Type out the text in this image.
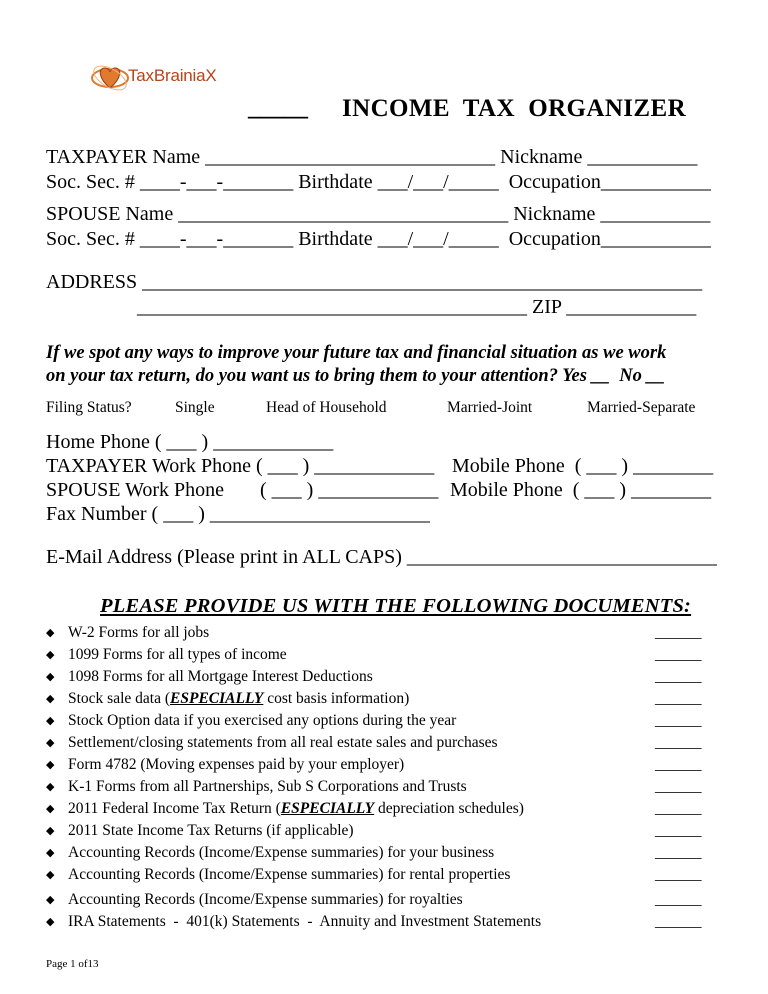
TaxBrainiaX
_____ INCOME  TAX  ORGANIZER
TAXPAYER Name _____________________________ Nickname ___________
Soc. Sec. # ____-___-_______ Birthdate ___/___/_____  Occupation___________
SPOUSE Name _________________________________ Nickname ___________
Soc. Sec. # ____-___-_______ Birthdate ___/___/_____  Occupation___________
ADDRESS ________________________________________________________
_______________________________________ ZIP _____________
If we spot any ways to improve your future tax and financial situation as we work
on your tax return, do you want us to bring them to your attention? Yes __  No __
Filing Status?	Single	Head of Household	Married-Joint	Married-Separate
Home Phone ( ___ ) ____________
TAXPAYER Work Phone ( ___ ) ____________ Mobile Phone  ( ___ ) ________
SPOUSE Work Phone ( ___ ) ____________ Mobile Phone  ( ___ ) ________
Fax Number ( ___ ) ______________________
E-Mail Address (Please print in ALL CAPS) _______________________________
PLEASE PROVIDE US WITH THE FOLLOWING DOCUMENTS:
◆ W-2 Forms for all jobs	______
◆ 1099 Forms for all types of income	______
◆ 1098 Forms for all Mortgage Interest Deductions	______
◆ Stock sale data (ESPECIALLY cost basis information)	______
◆ Stock Option data if you exercised any options during the year	______
◆ Settlement/closing statements from all real estate sales and purchases	______
◆ Form 4782 (Moving expenses paid by your employer)	______
◆ K-1 Forms from all Partnerships, Sub S Corporations and Trusts	______
◆ 2011 Federal Income Tax Return (ESPECIALLY depreciation schedules)	______
◆ 2011 State Income Tax Returns (if applicable)	______
◆ Accounting Records (Income/Expense summaries) for your business	______
◆ Accounting Records (Income/Expense summaries) for rental properties	______
◆ Accounting Records (Income/Expense summaries) for royalties	______
◆ IRA Statements  -  401(k) Statements  -  Annuity and Investment Statements	______
Page 1 of13
